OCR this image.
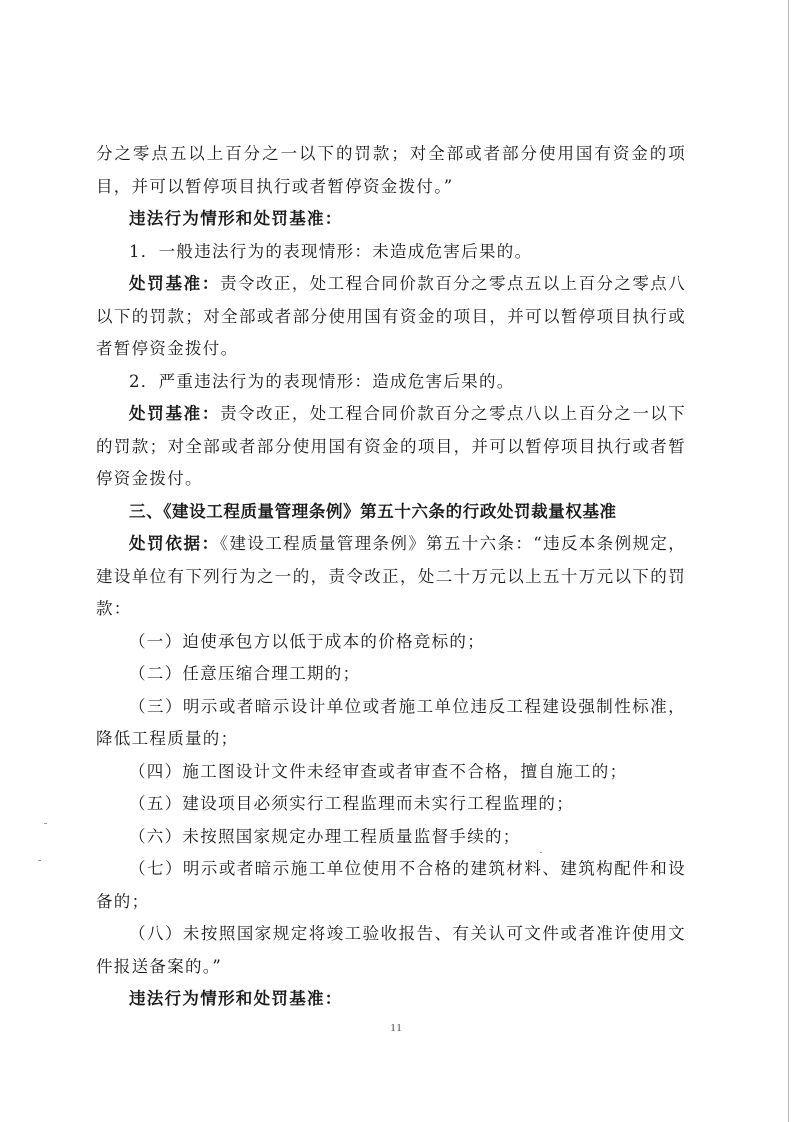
分之零点五以上百分之一以下的罚款；对全部或者部分使用国有资金的项目，并可以暂停项目执行或者暂停资金拨付。”

违法行为情形和处罚基准：

1．一般违法行为的表现情形：未造成危害后果的。

处罚基准：责令改正，处工程合同价款百分之零点五以上百分之零点八以下的罚款；对全部或者部分使用国有资金的项目，并可以暂停项目执行或者暂停资金拨付。

2．严重违法行为的表现情形：造成危害后果的。

处罚基准：责令改正，处工程合同价款百分之零点八以上百分之一以下的罚款；对全部或者部分使用国有资金的项目，并可以暂停项目执行或者暂停资金拨付。

三、《建设工程质量管理条例》第五十六条的行政处罚裁量权基准

处罚依据：《建设工程质量管理条例》第五十六条：“违反本条例规定，建设单位有下列行为之一的，责令改正，处二十万元以上五十万元以下的罚款：

（一）迫使承包方以低于成本的价格竞标的；

（二）任意压缩合理工期的；

（三）明示或者暗示设计单位或者施工单位违反工程建设强制性标准，降低工程质量的；

（四）施工图设计文件未经审查或者审查不合格，擅自施工的；

（五）建设项目必须实行工程监理而未实行工程监理的；

（六）未按照国家规定办理工程质量监督手续的；

（七）明示或者暗示施工单位使用不合格的建筑材料、建筑构配件和设备的；

（八）未按照国家规定将竣工验收报告、有关认可文件或者准许使用文件报送备案的。”

违法行为情形和处罚基准：

11
